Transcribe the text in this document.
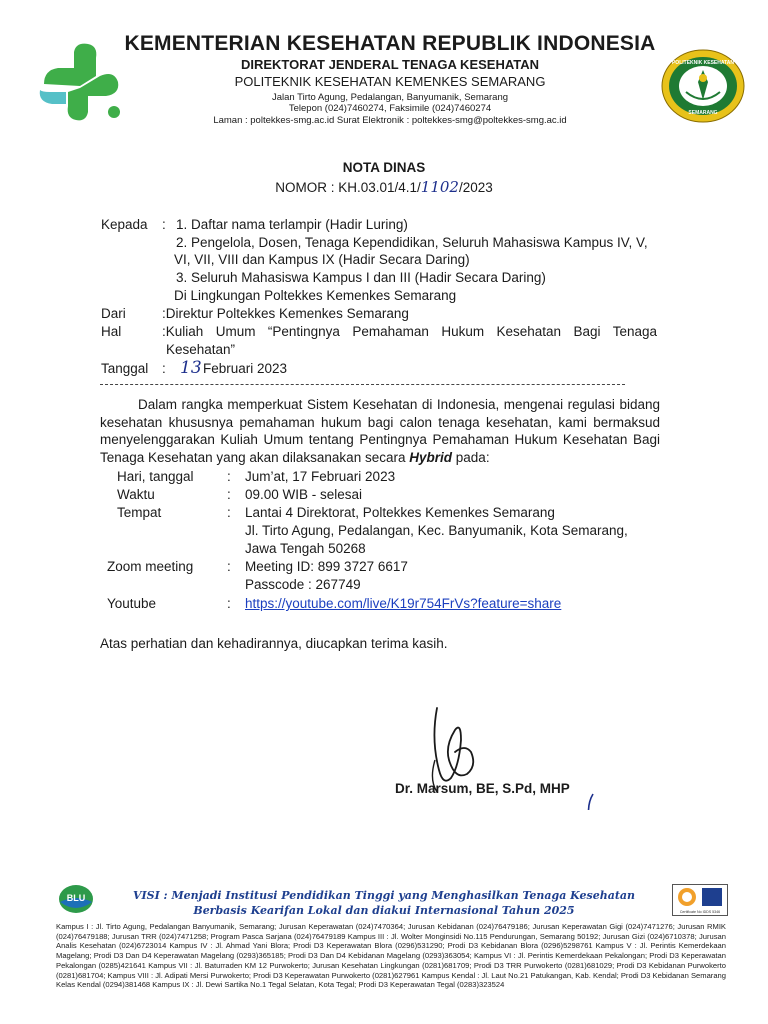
KEMENTERIAN KESEHATAN REPUBLIK INDONESIA
DIREKTORAT JENDERAL TENAGA KESEHATAN
POLITEKNIK KESEHATAN KEMENKES SEMARANG
Jalan Tirto Agung, Pedalangan, Banyumanik, Semarang
Telepon (024)7460274, Faksimile (024)7460274
Laman : poltekkes-smg.ac.id Surat Elektronik : poltekkes-smg@poltekkes-smg.ac.id
POLITEKNIK KESEHATAN
SEMARANG
NOTA DINAS
NOMOR : KH.03.01/4.1/1102/2023
Kepada : 1. Daftar nama terlampir (Hadir Luring)
2. Pengelola, Dosen, Tenaga Kependidikan, Seluruh Mahasiswa Kampus IV, V,
VI, VII, VIII dan Kampus IX (Hadir Secara Daring)
3. Seluruh Mahasiswa Kampus I dan III (Hadir Secara Daring)
Di Lingkungan Poltekkes Kemenkes Semarang
Dari	:Direktur Poltekkes Kemenkes Semarang
Hal	:Kuliah Umum “Pentingnya Pemahaman Hukum Kesehatan Bagi Tenaga
Kesehatan”
Tanggal : 13 Februari 2023
Dalam rangka memperkuat Sistem Kesehatan di Indonesia, mengenai regulasi bidang kesehatan khususnya pemahaman hukum bagi calon tenaga kesehatan, kami bermaksud menyelenggarakan Kuliah Umum tentang Pentingnya Pemahaman Hukum Kesehatan Bagi Tenaga Kesehatan yang akan dilaksanakan secara Hybrid pada:
Hari, tanggal : Jum’at, 17 Februari 2023
Waktu	: 09.00 WIB - selesai
Tempat	: Lantai 4 Direktorat, Poltekkes Kemenkes Semarang
Jl. Tirto Agung, Pedalangan, Kec. Banyumanik, Kota Semarang,
Jawa Tengah 50268
Zoom meeting : Meeting ID: 899 3727 6617
Passcode : 267749
Youtube	: https://youtube.com/live/K19r754FrVs?feature=share
Atas perhatian dan kehadirannya, diucapkan terima kasih.
Dr. Marsum, BE, S.Pd, MHP
BLU	VISI : Menjadi Institusi Pendidikan Tinggi yang Menghasilkan Tenaga Kesehatan
Berbasis Kearifan Lokal dan diakui Internasional Tahun 2025	Certificate No IDDS 5346
Kampus I : Jl. Tirto Agung, Pedalangan Banyumanik, Semarang; Jurusan Keperawatan (024)7470364; Jurusan Kebidanan (024)76479186; Jurusan Keperawatan Gigi (024)7471276; Jurusan RMIK (024)76479188; Jurusan TRR (024)7471258; Program Pasca Sarjana (024)76479189 Kampus III : Jl. Wolter Monginsidi No.115 Pendurungan, Semarang 50192; Jurusan Gizi (024)6710378; Jurusan Analis Kesehatan (024)6723014 Kampus IV : Jl. Ahmad Yani Blora; Prodi D3 Keperawatan Blora (0296)531290; Prodi D3 Kebidanan Blora (0296)5298761 Kampus V : Jl. Perintis Kemerdekaan Magelang; Prodi D3 Dan D4 Keperawatan Magelang (0293)365185; Prodi D3 Dan D4 Kebidanan Magelang (0293)363054; Kampus VI : Jl. Perintis Kemerdekaan Pekalongan; Prodi D3 Keperawatan Pekalongan (0285)421641 Kampus VII : Jl. Baturraden KM 12 Purwokerto; Jurusan Kesehatan Lingkungan (0281)681709; Prodi D3 TRR Purwokerto (0281)681029; Prodi D3 Kebidanan Purwokerto (0281)681704; Kampus VIII : Jl. Adipati Mersi Purwokerto; Prodi D3 Keperawatan Purwokerto (0281)627961 Kampus Kendal : Jl. Laut No.21 Patukangan, Kab. Kendal; Prodi D3 Kebidanan Semarang Kelas Kendal (0294)381468 Kampus IX : Jl. Dewi Sartika No.1 Tegal Selatan, Kota Tegal; Prodi D3 Keperawatan Tegal (0283)323524
